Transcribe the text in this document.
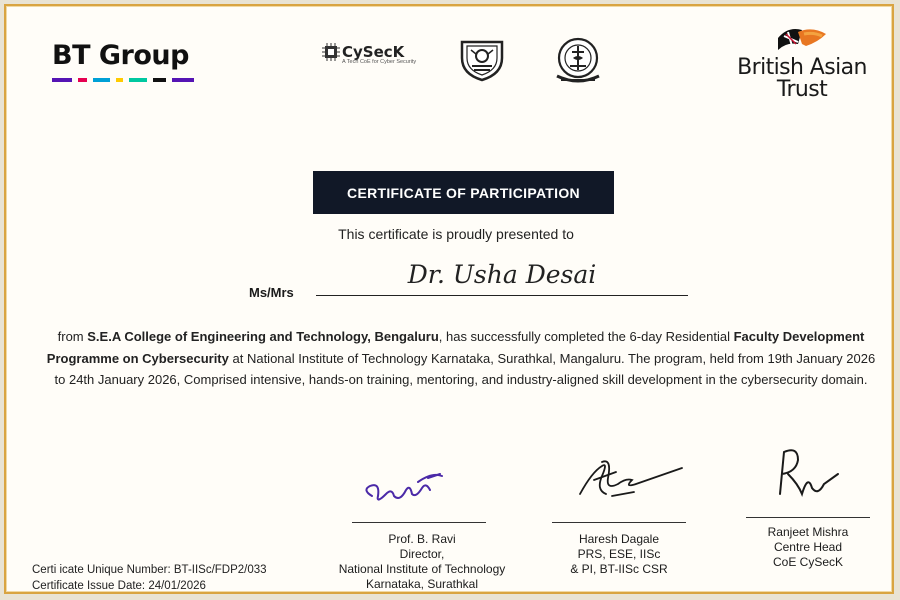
BT Group	CySecK
A Tech CoE for Cyber Security	British Asian
Trust
CERTIFICATE OF PARTICIPATION
This certificate is proudly presented to
Ms/Mrs
Dr. Usha Desai
from S.E.A College of Engineering and Technology, Bengaluru, has successfully completed the 6-day Residential Faculty Development Programme on Cybersecurity at National Institute of Technology Karnataka, Surathkal, Mangaluru. The program, held from 19th January 2026 to 24th January 2026, Comprised intensive, hands-on training, mentoring, and industry-aligned skill development in the cybersecurity domain.
Prof. B. Ravi
Director,
National Institute of Technology
Karnataka, Surathkal
Haresh Dagale
PRS, ESE, IISc
& PI, BT-IISc CSR
Ranjeet Mishra
Centre Head
CoE CySecK
Certi icate Unique Number: BT-IISc/FDP2/033
Certificate Issue Date: 24/01/2026
